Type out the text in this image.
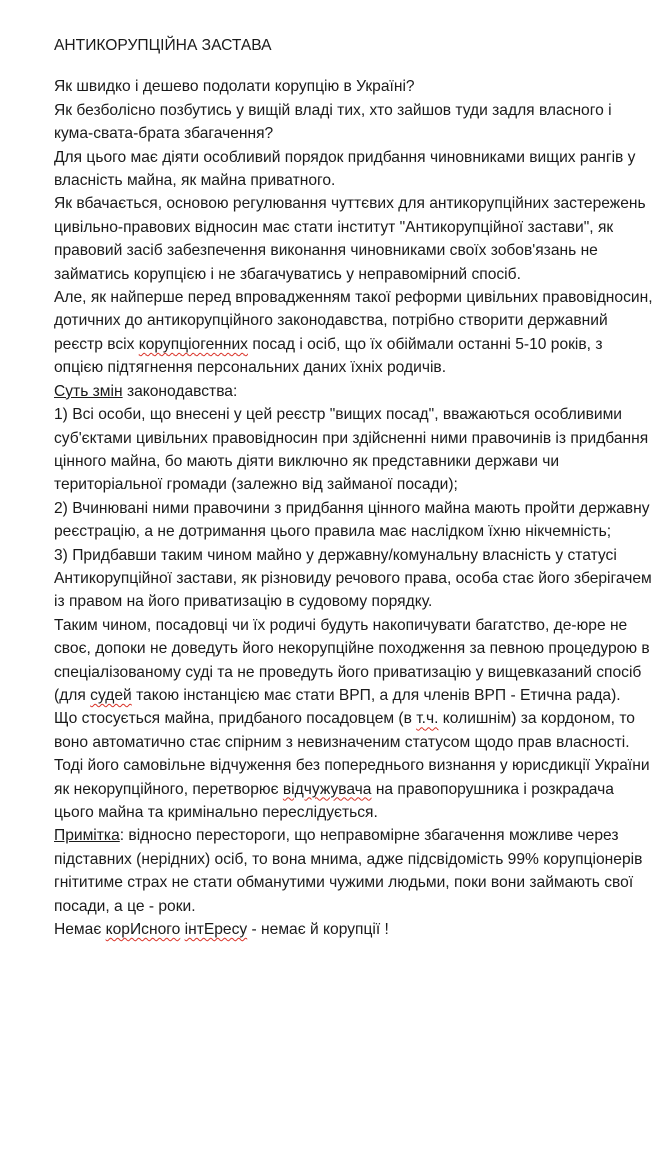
АНТИКОРУПЦІЙНА ЗАСТАВА

Як швидко і дешево подолати корупцію в Україні?

Як безболісно позбутись у вищій владі тих, хто зайшов туди задля власного і кума-свата-брата збагачення?

Для цього має діяти особливий порядок придбання чиновниками вищих рангів у власність майна, як майна приватного.

Як вбачається, основою регулювання чуттєвих для антикорупційних застережень цивільно-правових відносин має стати інститут "Антикорупційної застави", як правовий засіб забезпечення виконання чиновниками своїх зобов'язань не займатись корупцією і не збагачуватись у неправомірний спосіб.

Але, як найперше перед впровадженням такої реформи цивільних правовідносин, дотичних до антикорупційного законодавства, потрібно створити державний реєстр всіх корупціогенних посад і осіб, що їх обіймали останні 5-10 років, з опцією підтягнення персональних даних їхніх родичів.

Суть змін законодавства:

1) Всі особи, що внесені у цей реєстр "вищих посад", вважаються особливими суб'єктами цивільних правовідносин при здійсненні ними правочинів із придбання цінного майна, бо мають діяти виключно як представники держави чи територіальної громади (залежно від займаної посади);

2) Вчинювані ними правочини з придбання цінного майна мають пройти державну реєстрацію, а не дотримання цього правила має наслідком їхню нікчемність;

3) Придбавши таким чином майно у державну/комунальну власність у статусі Антикорупційної застави, як різновиду речового права, особа стає його зберігачем із правом на його приватизацію в судовому порядку.

Таким чином, посадовці чи їх родичі будуть накопичувати багатство, де-юре не своє, допоки не доведуть його некорупційне походження за певною процедурою в спеціалізованому суді та не проведуть його приватизацію у вищевказаний спосіб (для судей такою інстанцією має стати ВРП, а для членів ВРП - Етична рада).

Що стосується майна, придбаного посадовцем (в т.ч. колишнім) за кордоном, то воно автоматично стає спірним з невизначеним статусом щодо прав власності. Тоді його самовільне відчуження без попереднього визнання у юрисдикції України як некорупційного, перетворює відчужувача на правопорушника і розкрадача цього майна та кримінально переслідується.

Примітка: відносно перестороги, що неправомірне збагачення можливе через підставних (нерідних) осіб, то вона мнима, адже підсвідомість 99% корупціонерів гнітитиме страх не стати обманутими чужими людьми, поки вони займають свої посади, а це - роки.

Немає корИсного інтЕресу - немає й корупції !
